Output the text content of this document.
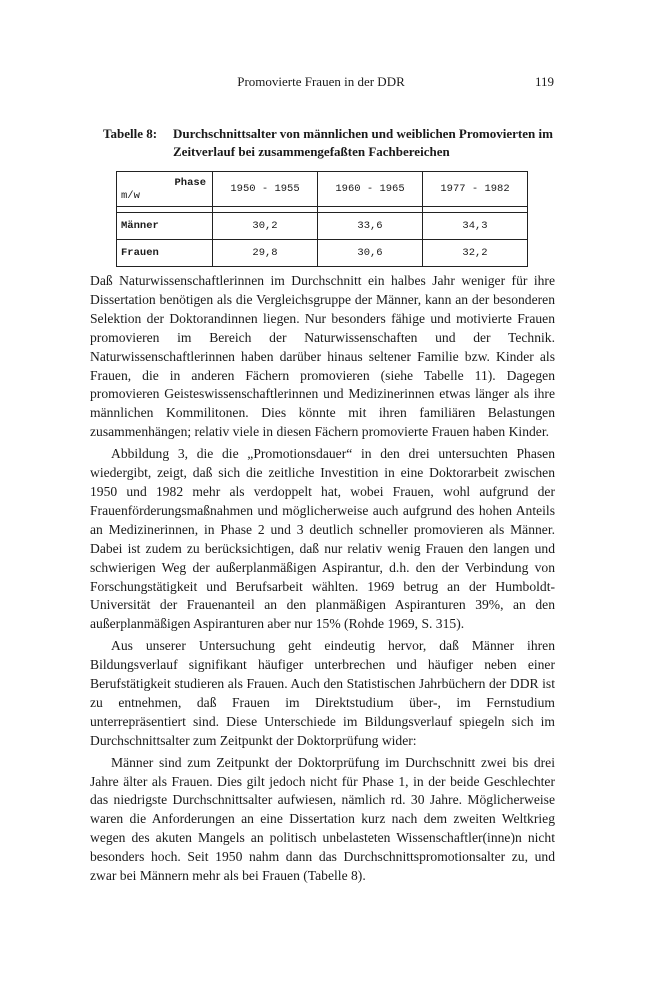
Promovierte Frauen in der DDR	119
Tabelle 8: Durchschnittsalter von männlichen und weiblichen Promovierten im Zeitverlauf bei zusammengefaßten Fachbereichen
Phase
m/w	1950 - 1955	1960 - 1965	1977 - 1982

Männer	30,2	33,6	34,3
Frauen	29,8	30,6	32,2

Daß Naturwissenschaftlerinnen im Durchschnitt ein halbes Jahr weniger für ihre Dissertation benötigen als die Vergleichsgruppe der Männer, kann an der besonderen Selektion der Doktorandinnen liegen. Nur besonders fähige und motivierte Frauen promovieren im Bereich der Naturwissenschaften und der Technik. Naturwissenschaftlerinnen haben darüber hinaus seltener Familie bzw. Kinder als Frauen, die in anderen Fächern promovieren (siehe Tabelle 11). Dagegen promovieren Geisteswissenschaftlerinnen und Medizinerinnen etwas länger als ihre männlichen Kommilitonen. Dies könnte mit ihren familiären Belastungen zusammenhängen; relativ viele in diesen Fächern promovierte Frauen haben Kinder.

Abbildung 3, die die „Promotionsdauer“ in den drei untersuchten Phasen wiedergibt, zeigt, daß sich die zeitliche Investition in eine Doktorarbeit zwischen 1950 und 1982 mehr als verdoppelt hat, wobei Frauen, wohl aufgrund der Frauenförderungsmaßnahmen und möglicherweise auch aufgrund des hohen Anteils an Medizinerinnen, in Phase 2 und 3 deutlich schneller promovieren als Männer. Dabei ist zudem zu berücksichtigen, daß nur relativ wenig Frauen den langen und schwierigen Weg der außerplanmäßigen Aspirantur, d.h. den der Verbindung von Forschungstätigkeit und Berufsarbeit wählten. 1969 betrug an der Humboldt-Universität der Frauenanteil an den planmäßigen Aspiranturen 39%, an den außerplanmäßigen Aspiranturen aber nur 15% (Rohde 1969, S. 315).

Aus unserer Untersuchung geht eindeutig hervor, daß Männer ihren Bildungsverlauf signifikant häufiger unterbrechen und häufiger neben einer Berufstätigkeit studieren als Frauen. Auch den Statistischen Jahrbüchern der DDR ist zu entnehmen, daß Frauen im Direktstudium über-, im Fernstudium unterrepräsentiert sind. Diese Unterschiede im Bildungsverlauf spiegeln sich im Durchschnittsalter zum Zeitpunkt der Doktorprüfung wider:

Männer sind zum Zeitpunkt der Doktorprüfung im Durchschnitt zwei bis drei Jahre älter als Frauen. Dies gilt jedoch nicht für Phase 1, in der beide Geschlechter das niedrigste Durchschnittsalter aufwiesen, nämlich rd. 30 Jahre. Möglicherweise waren die Anforderungen an eine Dissertation kurz nach dem zweiten Weltkrieg wegen des akuten Mangels an politisch unbelasteten Wissenschaftler(inne)n nicht besonders hoch. Seit 1950 nahm dann das Durchschnittspromotionsalter zu, und zwar bei Männern mehr als bei Frauen (Tabelle 8).
